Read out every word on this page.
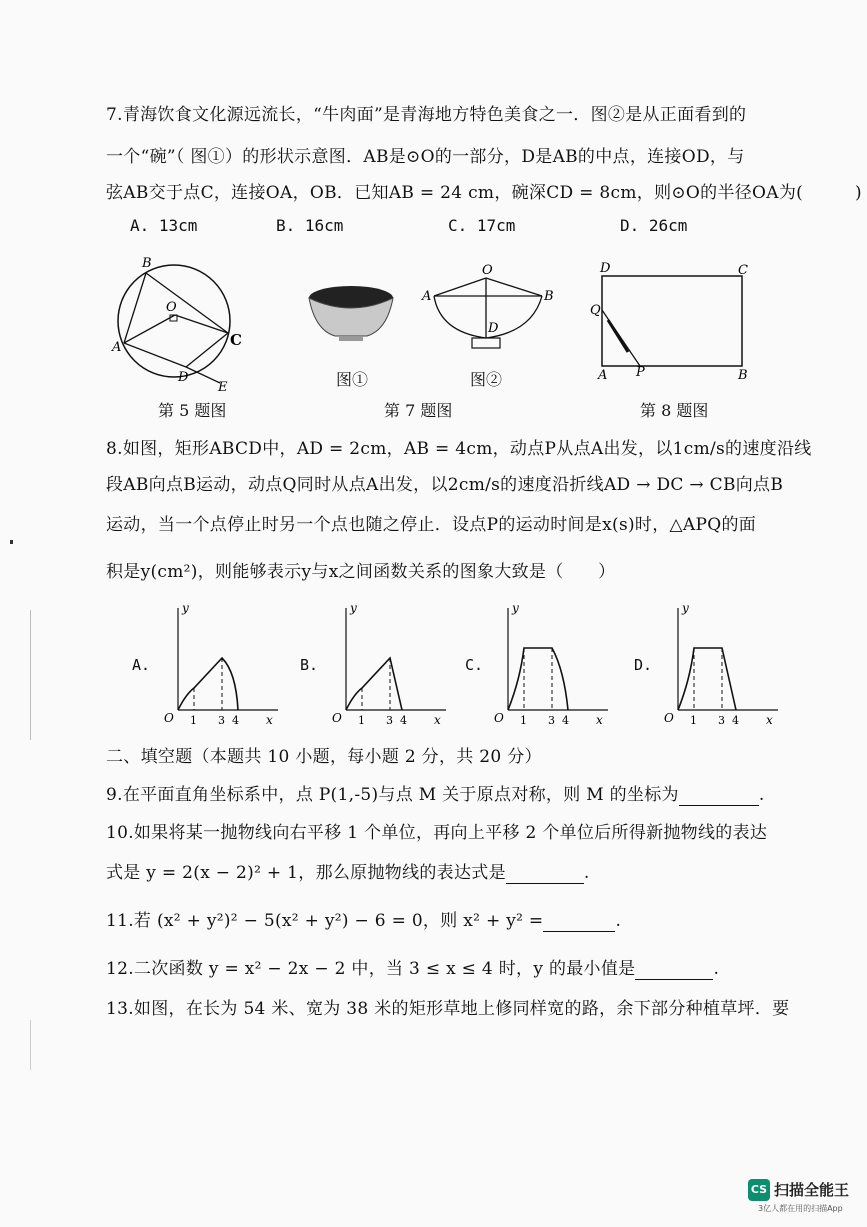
7.青海饮食文化源远流长，“牛肉面”是青海地方特色美食之一．图②是从正面看到的
一个“碗”（ 图①）的形状示意图．AB是⊙O的一部分，D是AB的中点，连接OD，与
弦AB交于点C，连接OA，OB．已知AB = 24 cm，碗深CD = 8cm，则⊙O的半径OA为(　　　)
A. 13cm	B. 16cm	C. 17cm	D. 26cm
B
O
A	C
D
E
第 5 题图
图①
O
A	B
D
图②
第 7 题图
D	C
Q
A P	B
第 8 题图
8.如图，矩形ABCD中，AD = 2cm，AB = 4cm，动点P从点A出发，以1cm/s的速度沿线
段AB向点B运动，动点Q同时从点A出发，以2cm/s的速度沿折线AD → DC → CB向点B
运动，当一个点停止时另一个点也随之停止．设点P的运动时间是x(s)时，△APQ的面
积是y(cm²)，则能够表示y与x之间函数关系的图象大致是（　　）
A.
y
O 1 3 4 x
B.
y
O 1 3 4 x
C.
y
O 1 3 4 x
D.
y
O 1 3 4 x
二、填空题（本题共 10 小题，每小题 2 分，共 20 分）
9.在平面直角坐标系中，点 P(1,-5)与点 M 关于原点对称，则 M 的坐标为	.
10.如果将某一抛物线向右平移 1 个单位，再向上平移 2 个单位后所得新抛物线的表达
式是 y = 2(x − 2)² + 1，那么原抛物线的表达式是	.
11.若 (x² + y²)² − 5(x² + y²) − 6 = 0，则 x² + y² =	.
12.二次函数 y = x² − 2x − 2 中，当 3 ≤ x ≤ 4 时，y 的最小值是	.
13.如图，在长为 54 米、宽为 38 米的矩形草地上修同样宽的路，余下部分种植草坪．要
CS 扫描全能王
3亿人都在用的扫描App
